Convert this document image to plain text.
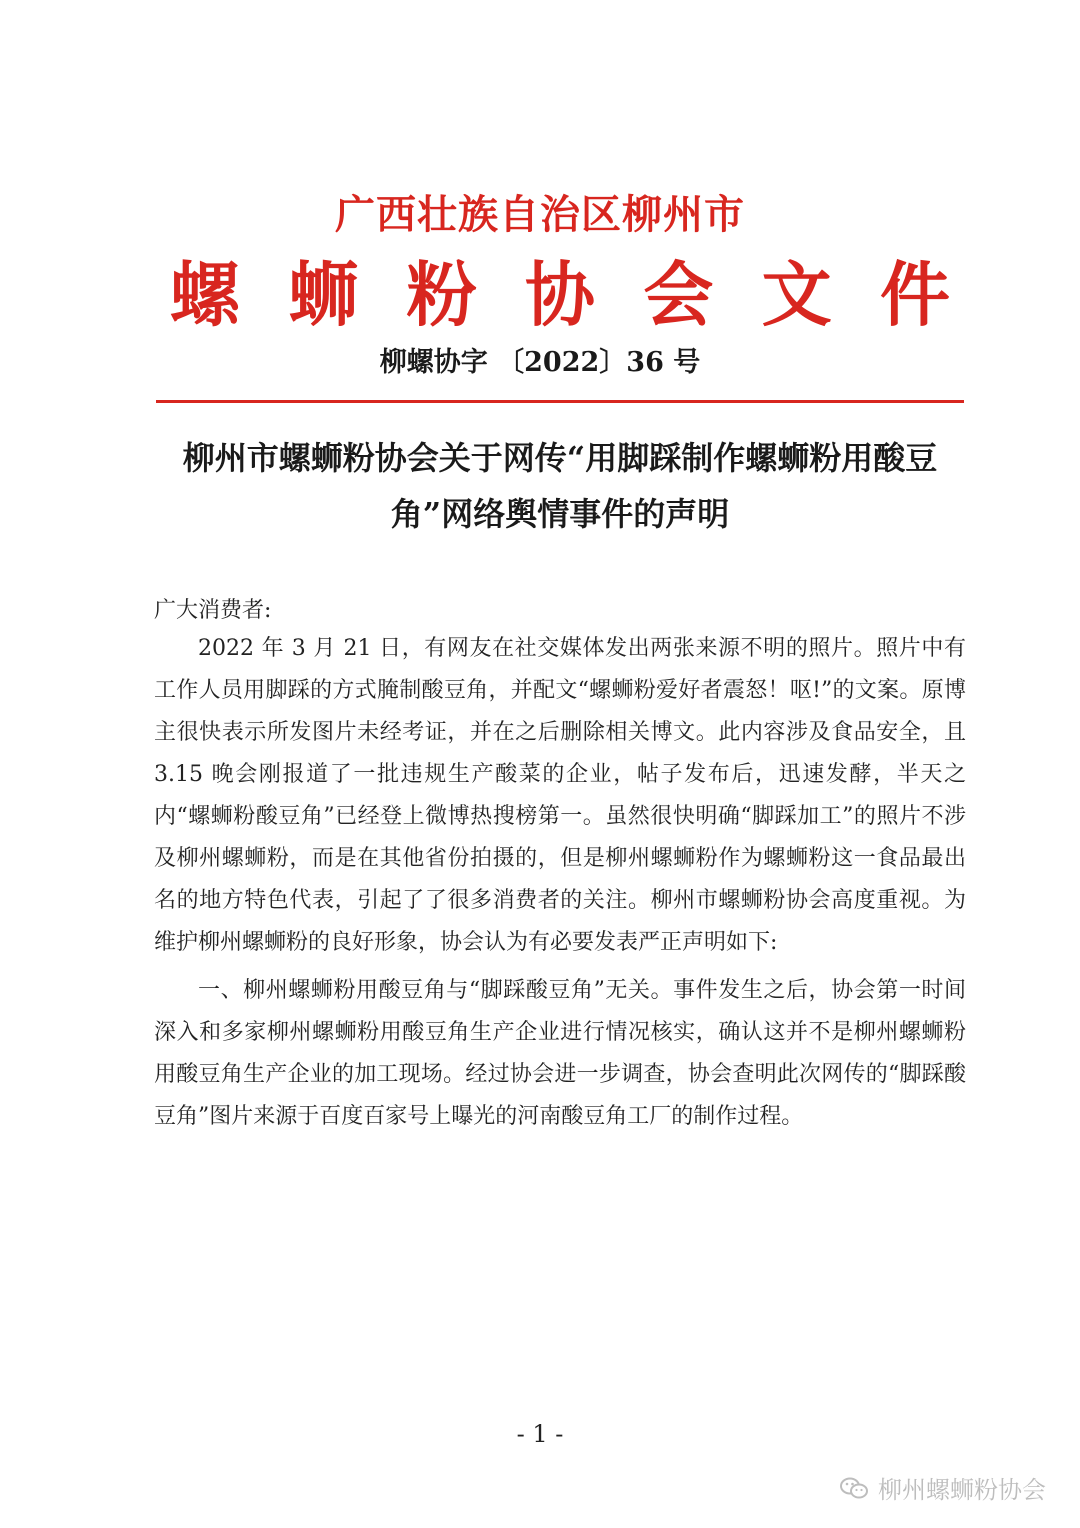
广西壮族自治区柳州市
螺蛳粉协会文件
柳螺协字 〔2022〕36 号
柳州市螺蛳粉协会关于网传“用脚踩制作螺蛳粉用酸豆角”网络舆情事件的声明
广大消费者:
2022 年 3 月 21 日，有网友在社交媒体发出两张来源不明的照片。照片中有工作人员用脚踩的方式腌制酸豆角，并配文“螺蛳粉爱好者震怒！呕!”的文案。原博主很快表示所发图片未经考证，并在之后删除相关博文。此内容涉及食品安全，且 3.15 晚会刚报道了一批违规生产酸菜的企业，帖子发布后，迅速发酵，半天之内“螺蛳粉酸豆角”已经登上微博热搜榜第一。虽然很快明确“脚踩加工”的照片不涉及柳州螺蛳粉，而是在其他省份拍摄的，但是柳州螺蛳粉作为螺蛳粉这一食品最出名的地方特色代表，引起了了很多消费者的关注。柳州市螺蛳粉协会高度重视。为维护柳州螺蛳粉的良好形象，协会认为有必要发表严正声明如下:
一、柳州螺蛳粉用酸豆角与“脚踩酸豆角”无关。事件发生之后，协会第一时间深入和多家柳州螺蛳粉用酸豆角生产企业进行情况核实，确认这并不是柳州螺蛳粉用酸豆角生产企业的加工现场。经过协会进一步调查，协会查明此次网传的“脚踩酸豆角”图片来源于百度百家号上曝光的河南酸豆角工厂的制作过程。
- 1 -
柳州螺蛳粉协会
